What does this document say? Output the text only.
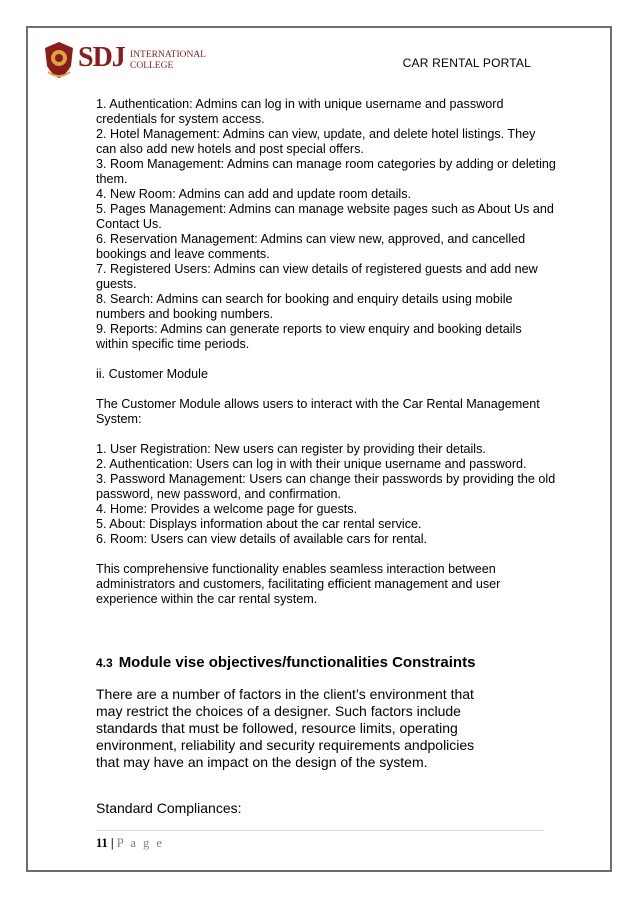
SDJ INTERNATIONAL
COLLEGE	CAR RENTAL PORTAL

1. Authentication: Admins can log in with unique username and password credentials for system access.

2. Hotel Management: Admins can view, update, and delete hotel listings. They can also add new hotels and post special offers.

3. Room Management: Admins can manage room categories by adding or deleting them.

4. New Room: Admins can add and update room details.

5. Pages Management: Admins can manage website pages such as About Us and Contact Us.

6. Reservation Management: Admins can view new, approved, and cancelled bookings and leave comments.

7. Registered Users: Admins can view details of registered guests and add new guests.

8. Search: Admins can search for booking and enquiry details using mobile numbers and booking numbers.

9. Reports: Admins can generate reports to view enquiry and booking details within specific time periods.

ii. Customer Module

The Customer Module allows users to interact with the Car Rental Management System:

1. User Registration: New users can register by providing their details.

2. Authentication: Users can log in with their unique username and password.

3. Password Management: Users can change their passwords by providing the old password, new password, and confirmation.

4. Home: Provides a welcome page for guests.

5. About: Displays information about the car rental service.

6. Room: Users can view details of available cars for rental.

This comprehensive functionality enables seamless interaction between administrators and customers, facilitating efficient management and user experience within the car rental system.

4.3 Module vise objectives/functionalities Constraints
There are a number of factors in the client’s environment that may restrict the choices of a designer. Such factors include standards that must be followed, resource limits, operating environment, reliability and security requirements andpolicies that may have an impact on the design of the system.
Standard Compliances:
11 | P a g e
